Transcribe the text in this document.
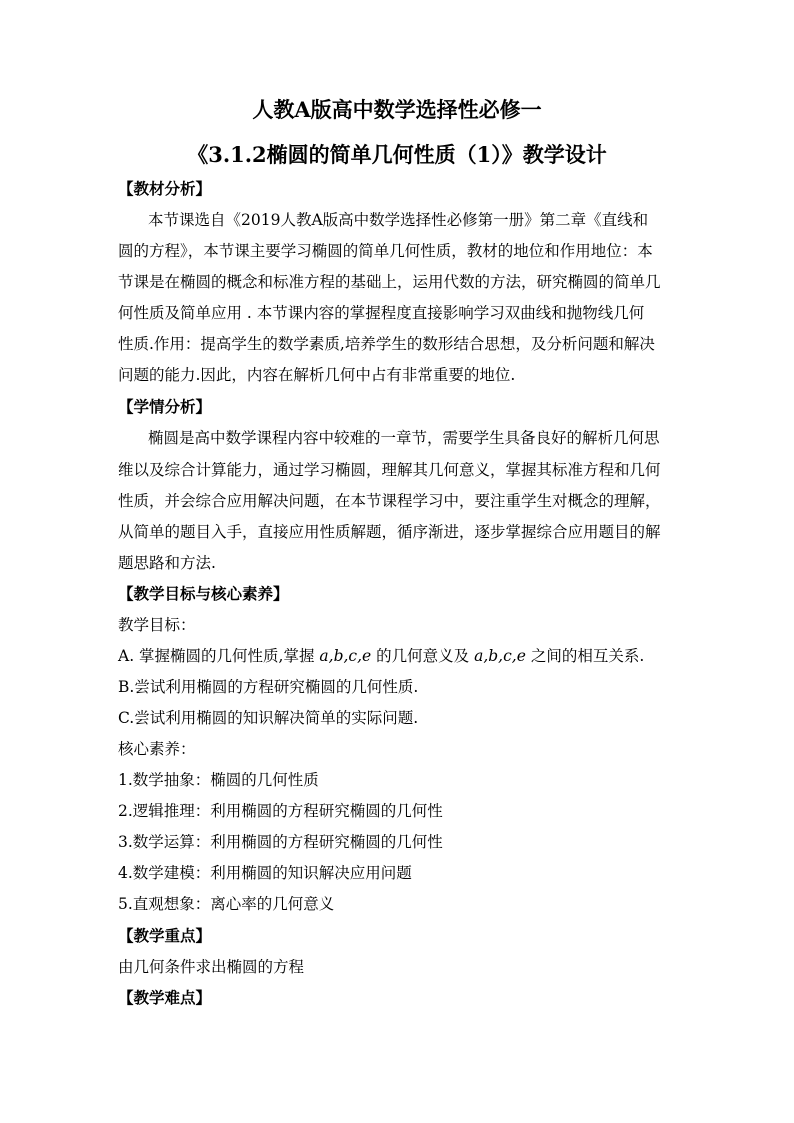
人教A版高中数学选择性必修一
《3.1.2椭圆的简单几何性质（1）》教学设计
【教材分析】
本节课选自《2019人教A版高中数学选择性必修第一册》第二章《直线和
圆的方程》，本节课主要学习椭圆的简单几何性质，教材的地位和作用地位：本
节课是在椭圆的概念和标准方程的基础上，运用代数的方法，研究椭圆的简单几
何性质及简单应用 . 本节课内容的掌握程度直接影响学习双曲线和抛物线几何
性质.作用：提高学生的数学素质,培养学生的数形结合思想，及分析问题和解决
问题的能力.因此，内容在解析几何中占有非常重要的地位.
【学情分析】
椭圆是高中数学课程内容中较难的一章节，需要学生具备良好的解析几何思
维以及综合计算能力，通过学习椭圆，理解其几何意义，掌握其标准方程和几何
性质，并会综合应用解决问题，在本节课程学习中，要注重学生对概念的理解，
从简单的题目入手，直接应用性质解题，循序渐进，逐步掌握综合应用题目的解
题思路和方法.
【教学目标与核心素养】
教学目标：
A. 掌握椭圆的几何性质,掌握 a,b,c,e 的几何意义及 a,b,c,e 之间的相互关系.
B.尝试利用椭圆的方程研究椭圆的几何性质.
C.尝试利用椭圆的知识解决简单的实际问题.
核心素养：
1.数学抽象：椭圆的几何性质
2.逻辑推理：利用椭圆的方程研究椭圆的几何性
3.数学运算：利用椭圆的方程研究椭圆的几何性
4.数学建模：利用椭圆的知识解决应用问题
5.直观想象：离心率的几何意义
【教学重点】
由几何条件求出椭圆的方程
【教学难点】
